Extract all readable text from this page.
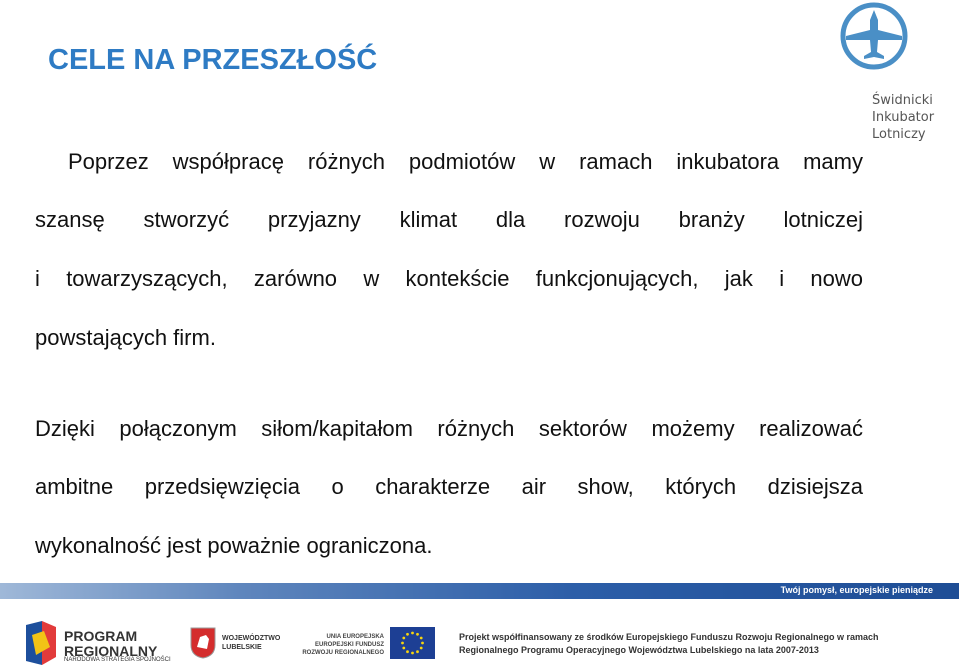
CELE NA PRZESZŁOŚĆ
Świdnicki
Inkubator
Lotniczy
Poprzez współpracę różnych podmiotów w ramach inkubatora mamy
szansę stworzyć przyjazny klimat dla rozwoju branży lotniczej
i towarzyszących, zarówno w kontekście funkcjonujących, jak i nowo
powstających firm.
Dzięki połączonym siłom/kapitałom różnych sektorów możemy realizować
ambitne przedsięwzięcia o charakterze air show, których dzisiejsza
wykonalność jest poważnie ograniczona.
Twój pomysł, europejskie pieniądze
PROGRAM
REGIONALNY
NARODOWA STRATEGIA SPÓJNOŚCI
WOJEWÓDZTWO
LUBELSKIE
UNIA EUROPEJSKA
EUROPEJSKI FUNDUSZ
ROZWOJU REGIONALNEGO
Projekt współfinansowany ze środków Europejskiego Funduszu Rozwoju Regionalnego w ramach
Regionalnego Programu Operacyjnego Województwa Lubelskiego na lata 2007-2013
